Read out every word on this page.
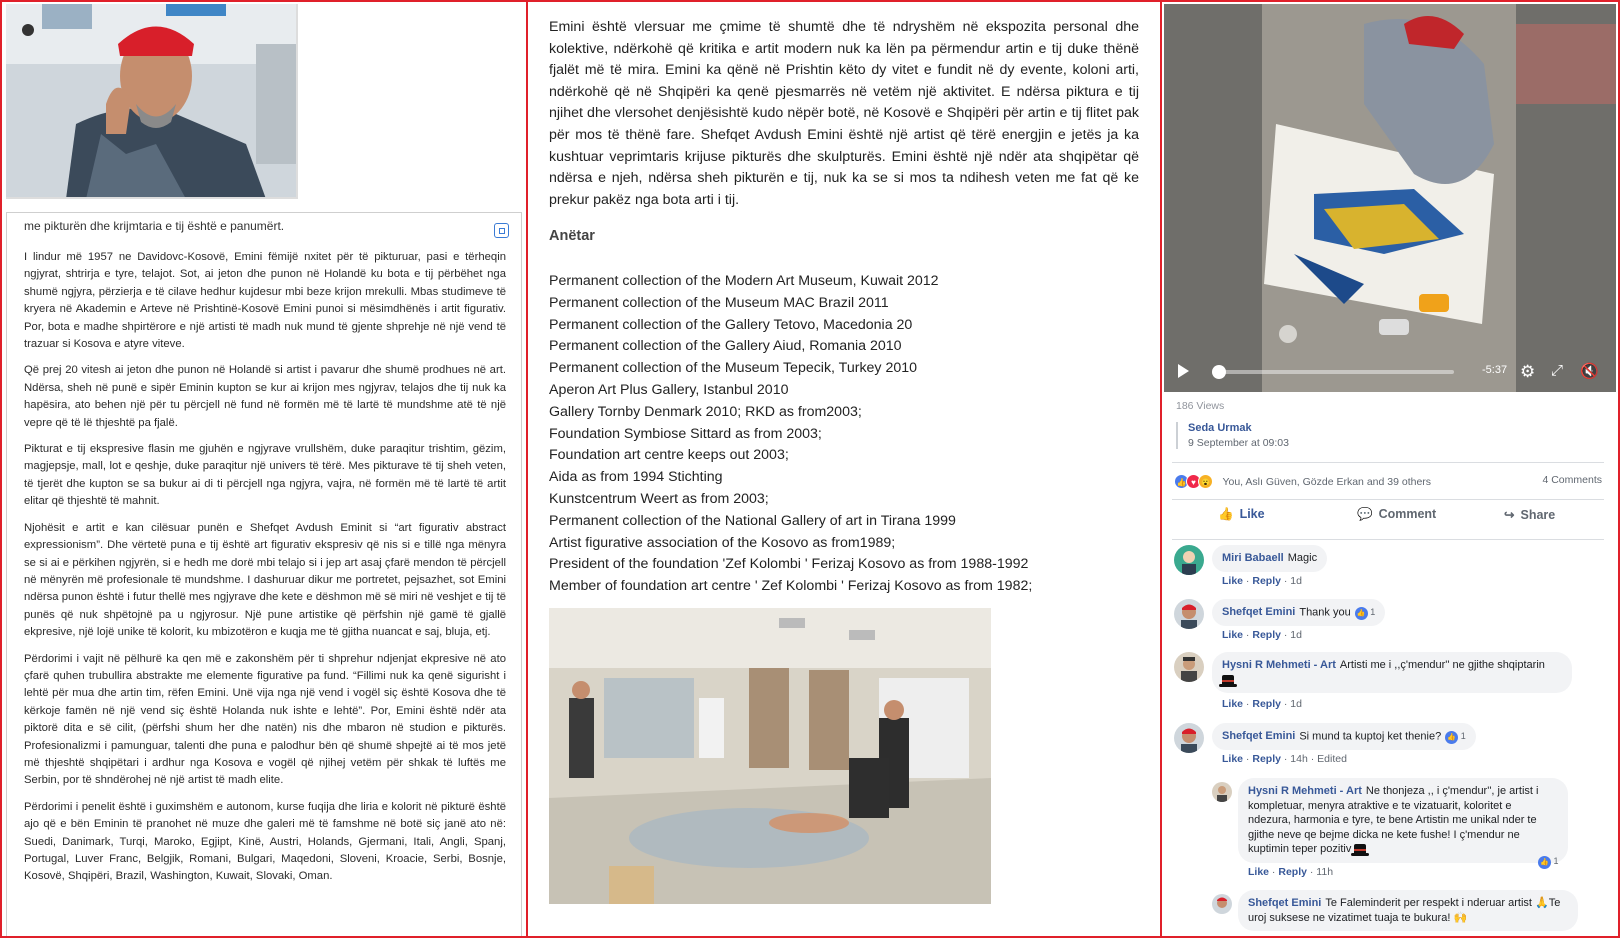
me pikturën dhe krijmtaria e tij është e panumërt.

I lindur më 1957 ne Davidovc-Kosovë, Emini fëmijë nxitet për të pikturuar, pasi e tërheqin ngjyrat, shtrirja e tyre, telajot. Sot, ai jeton dhe punon në Holandë ku bota e tij përbëhet nga shumë ngjyra, përzierja e të cilave hedhur kujdesur mbi beze krijon mrekulli. Mbas studimeve të kryera në Akademin e Arteve në Prishtinë-Kosovë Emini punoi si mësimdhënës i artit figurativ. Por, bota e madhe shpirtërore e një artisti të madh nuk mund të gjente shprehje në një vend të trazuar si Kosova e atyre viteve.

Që prej 20 vitesh ai jeton dhe punon në Holandë si artist i pavarur dhe shumë prodhues në art. Ndërsa, sheh në punë e sipër Eminin kupton se kur ai krijon mes ngjyrav, telajos dhe tij nuk ka hapësira, ato behen një për tu përcjell në fund në formën më të lartë të mundshme atë të një vepre që të lë thjeshtë pa fjalë.

Pikturat e tij ekspresive flasin me gjuhën e ngjyrave vrullshëm, duke paraqitur trishtim, gëzim, magjepsje, mall, lot e qeshje, duke paraqitur një univers të tërë. Mes pikturave të tij sheh veten, të tjerët dhe kupton se sa bukur ai di ti përcjell nga ngjyra, vajra, në formën më të lartë të artit elitar që thjeshtë të mahnit.

Njohësit e artit e kan cilësuar punën e Shefqet Avdush Eminit si “art figurativ abstract expressionism”. Dhe vërtetë puna e tij është art figurativ ekspresiv që nis si e tillë nga mënyra se si ai e përkihen ngjyrën, si e hedh me dorë mbi telajo si i jep art asaj çfarë mendon të përcjell në mënyrën më profesionale të mundshme. I dashuruar dikur me portretet, pejsazhet, sot Emini ndërsa punon është i futur thellë mes ngjyrave dhe kete e dëshmon më së miri në veshjet e tij të punës që nuk shpëtojnë pa u ngjyrosur. Një pune artistike që përfshin një gamë të gjallë ekpresive, një lojë unike të kolorit, ku mbizotëron e kuqja me të gjitha nuancat e saj, bluja, etj.

Përdorimi i vajit në pëlhurë ka qen më e zakonshëm për ti shprehur ndjenjat ekpresive në ato çfarë quhen trubullira abstrakte me elemente figurative pa fund. “Fillimi nuk ka qenë sigurisht i lehtë për mua dhe artin tim, rëfen Emini. Unë vija nga një vend i vogël siç është Kosova dhe të kërkoje famën në një vend siç është Holanda nuk ishte e lehtë”. Por, Emini është ndër ata piktorë dita e së cilit, (përfshi shum her dhe natën) nis dhe mbaron në studion e pikturës. Profesionalizmi i pamunguar, talenti dhe puna e palodhur bën që shumë shpejtë ai të mos jetë më thjeshtë shqipëtari i ardhur nga Kosova e vogël që njihej vetëm për shkak të luftës me Serbin, por të shndërohej në një artist të madh elite.

Përdorimi i penelit është i guximshëm e autonom, kurse fuqija dhe liria e kolorit në pikturë është ajo që e bën Eminin të pranohet në muze dhe galeri më të famshme në botë siç janë ato në: Suedi, Danimark, Turqi, Maroko, Egjipt, Kinë, Austri, Holands, Gjermani, Itali, Angli, Spanj, Portugal, Luver Franc, Belgjik, Romani, Bulgari, Maqedoni, Sloveni, Kroacie, Serbi, Bosnje, Kosovë, Shqipëri, Brazil, Washington, Kuwait, Slovaki, Oman.

Emini është vlersuar me çmime të shumtë dhe të ndryshëm në ekspozita personal dhe kolektive, ndërkohë që kritika e artit modern nuk ka lën pa përmendur artin e tij duke thënë fjalët më të mira. Emini ka qënë në Prishtin këto dy vitet e fundit në dy evente, koloni arti, ndërkohë që në Shqipëri ka qenë pjesmarrës në vetëm një aktivitet. E ndërsa piktura e tij njihet dhe vlersohet denjësishtë kudo nëpër botë, në Kosovë e Shqipëri për artin e tij flitet pak për mos të thënë fare. Shefqet Avdush Emini është një artist që tërë energjin e jetës ja ka kushtuar veprimtaris krijuse pikturës dhe skulpturës. Emini është një ndër ata shqipëtar që ndërsa e njeh, ndërsa sheh pikturën e tij, nuk ka se si mos ta ndihesh veten me fat që ke prekur pakëz nga bota arti i tij.

Anëtar
Permanent collection of the Modern Art Museum, Kuwait 2012
Permanent collection of the Museum MAC Brazil 2011
Permanent collection of the Gallery Tetovo, Macedonia 20
Permanent collection of the Gallery Aiud, Romania 2010
Permanent collection of the Museum Tepecik, Turkey 2010
Aperon Art Plus Gallery, Istanbul 2010
Gallery Tornby Denmark 2010; RKD as from2003;
Foundation Symbiose Sittard as from 2003;
Foundation art centre keeps out 2003;
Aida as from 1994 Stichting
Kunstcentrum Weert as from 2003;
Permanent collection of the National Gallery of art in Tirana 1999
Artist figurative association of the Kosovo as from1989;
President of the foundation 'Zef Kolombi ' Ferizaj Kosovo as from 1988-1992
Member of foundation art centre ' Zef Kolombi ' Ferizaj Kosovo as from 1982;
-5:37 ⚙ ⤢ 🔇
186 Views
Seda Urmak
9 September at 09:03
👍 ♥ 😮 You, Aslı Güven, Gözde Erkan and 39 others	4 Comments
👍 Like	💬 Comment	↪ Share
Miri Babaell Magic
Like · Reply · 1d
Shefqet Emini Thank you 👍 1
Like · Reply · 1d
Hysni R Mehmeti - Art Artisti me i ,,ç'mendur'' ne gjithe shqiptarin

Like · Reply · 1d
Shefqet Emini Si mund ta kuptoj ket thenie? 👍 1
Like · Reply · 14h · Edited
Hysni R Mehmeti - Art Ne thonjeza ,, i ç'mendur'', je artist i kompletuar, menyra atraktive e te vizatuarit, koloritet e ndezura, harmonia e tyre, te bene Artistin me unikal nder te gjithe neve qe bejme dicka ne kete fushe! I ç'mendur ne kuptimin teper pozitiv
👍 1
Like · Reply · 11h
Shefqet Emini Te Faleminderit per respekt i nderuar artist 🙏Te uroj suksese ne vizatimet tuaja te bukura! 🙌
